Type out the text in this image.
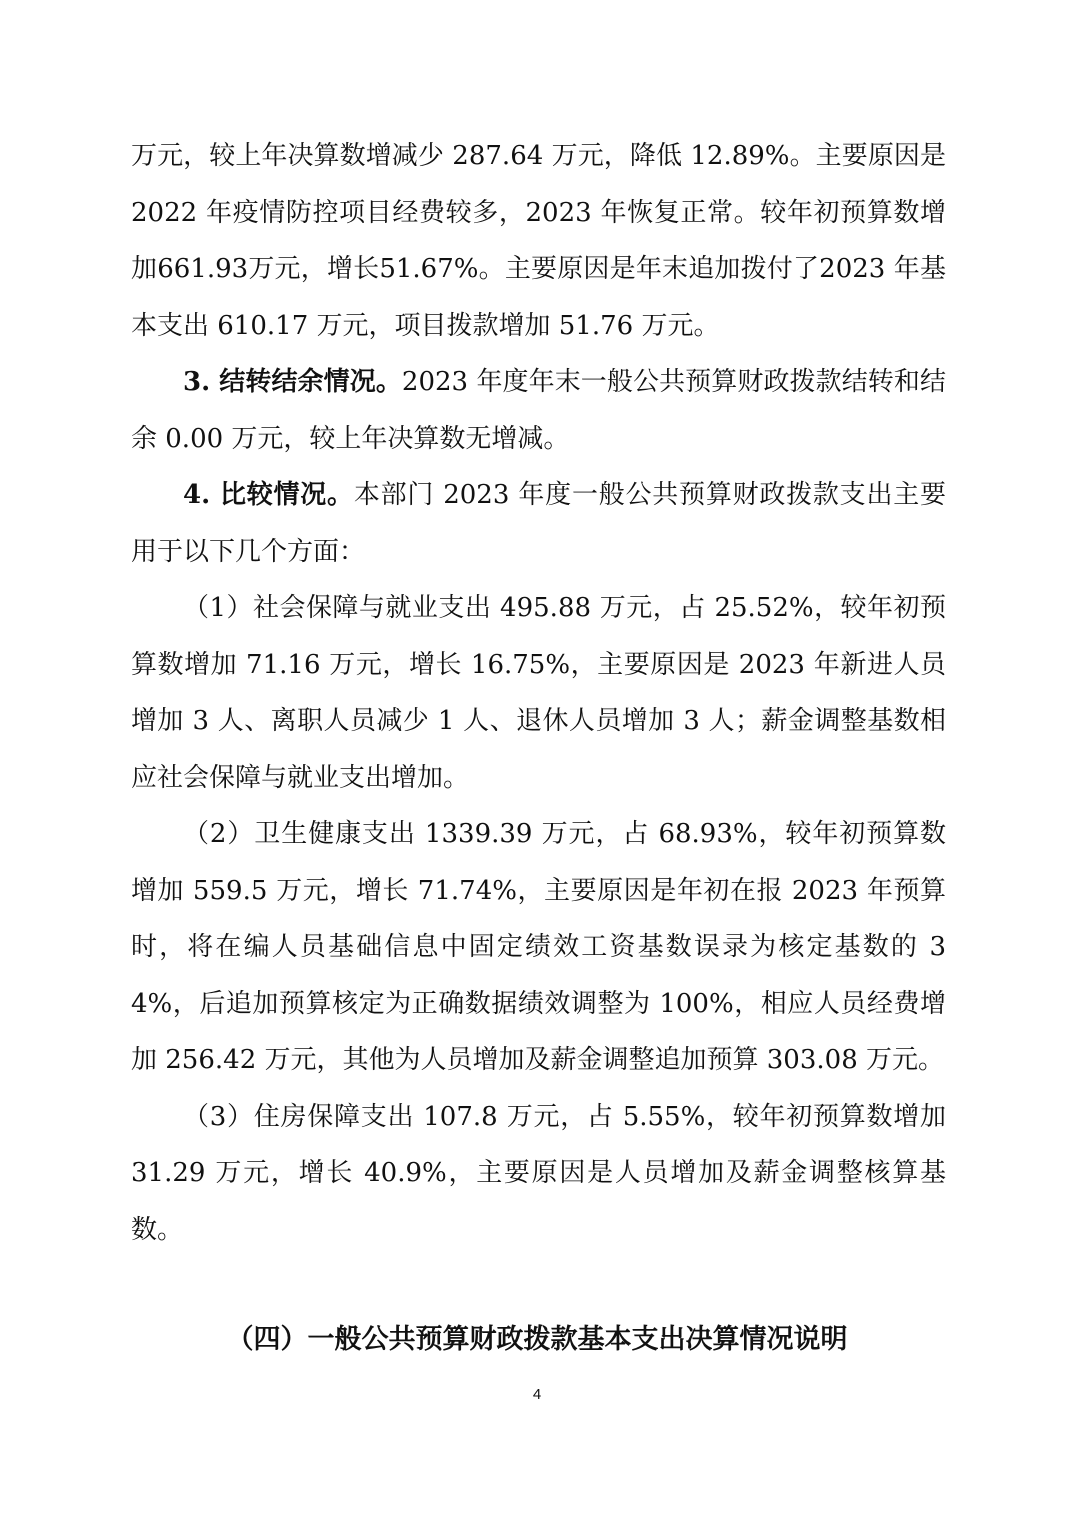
万元，较上年决算数增减少 287.64 万元，降低 12.89%。主要原因是 2022 年疫情防控项目经费较多，2023 年恢复正常。较年初预算数增加661.93万元，增长51.67%。主要原因是年末追加拨付了2023 年基本支出 610.17 万元，项目拨款增加 51.76 万元。

3. 结转结余情况。2023 年度年末一般公共预算财政拨款结转和结余 0.00 万元，较上年决算数无增减。

4. 比较情况。本部门 2023 年度一般公共预算财政拨款支出主要用于以下几个方面：

（1）社会保障与就业支出 495.88 万元，占 25.52%，较年初预算数增加 71.16 万元，增长 16.75%，主要原因是 2023 年新进人员增加 3 人、离职人员减少 1 人、退休人员增加 3 人；薪金调整基数相应社会保障与就业支出增加。

（2）卫生健康支出 1339.39 万元，占 68.93%，较年初预算数增加 559.5 万元，增长 71.74%，主要原因是年初在报 2023 年预算时，将在编人员基础信息中固定绩效工资基数误录为核定基数的 34%，后追加预算核定为正确数据绩效调整为 100%，相应人员经费增加 256.42 万元，其他为人员增加及薪金调整追加预算 303.08 万元。

（3）住房保障支出 107.8 万元，占 5.55%，较年初预算数增加 31.29 万元，增长 40.9%，主要原因是人员增加及薪金调整核算基数。

（四）一般公共预算财政拨款基本支出决算情况说明

4
